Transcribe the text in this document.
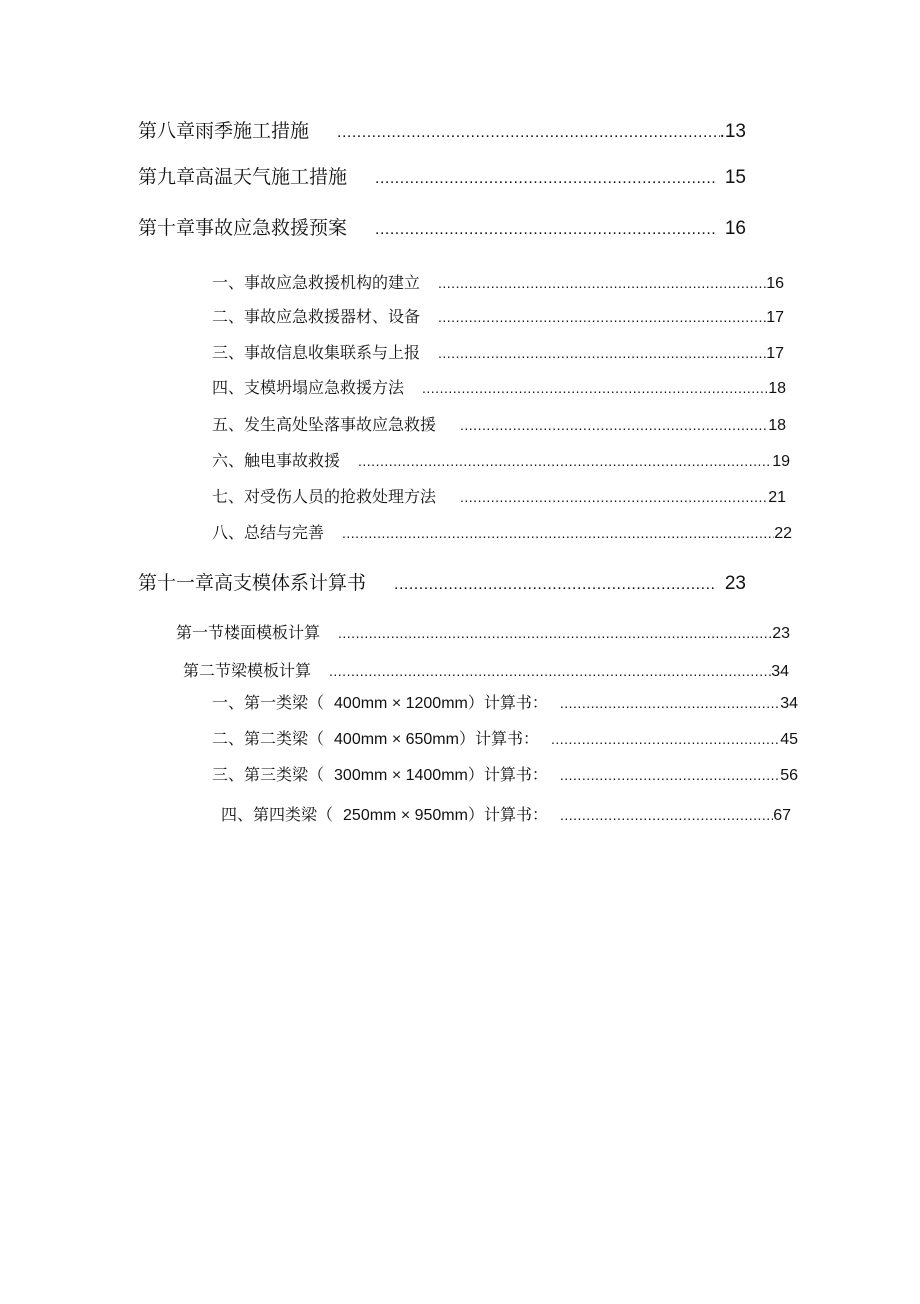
第八章雨季施工措施 .....	.13
第九章高温天气施工措施 .....	15
第十章事故应急救援预案 .....	16
一、事故应急救援机构的建立 .....	16
二、事故应急救援器材、设备 .....	17
三、事故信息收集联系与上报 .....	17
四、支模坍塌应急救援方法 .....	18
五、发生高处坠落事故应急救援 .....	18
六、触电事故救援 .....	19
七、对受伤人员的抢救处理方法 .....	21
八、总结与完善 .....	22
第十一章高支模体系计算书 .....	23
第一节楼面模板计算 .....	23
第二节梁模板计算 .....	34
一、第一类梁（ 400mm × 1200mm）计算书： .....	34
二、第二类梁（ 400mm × 650mm）计算书： .....	45
三、第三类梁（ 300mm × 1400mm）计算书： .....	56
四、第四类梁（ 250mm × 950mm）计算书： .....	67
